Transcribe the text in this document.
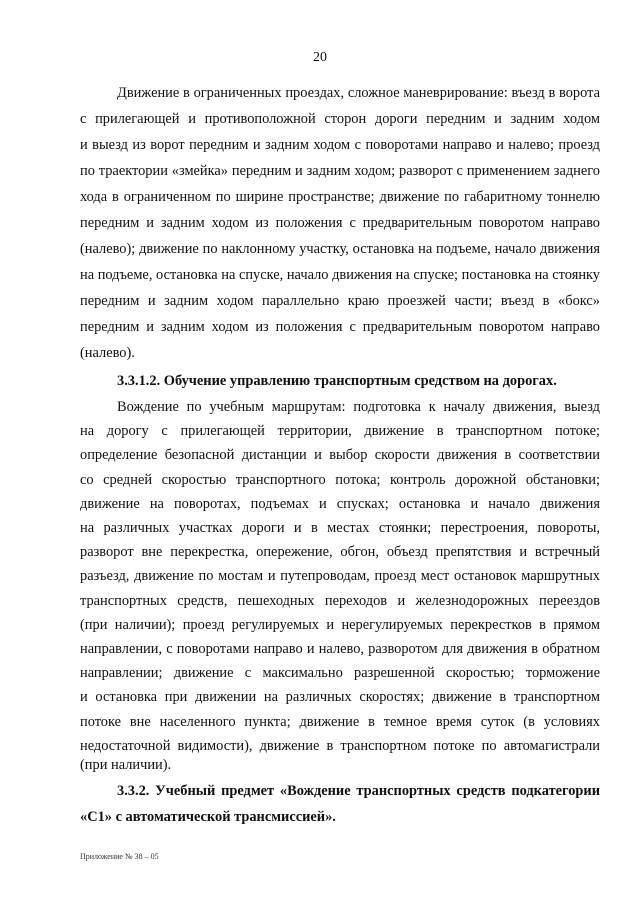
20
Движение в ограниченных проездах, сложное маневрирование: въезд в ворота
с прилегающей и противоположной сторон дороги передним и задним ходом
и выезд из ворот передним и задним ходом с поворотами направо и налево; проезд
по траектории «змейка» передним и задним ходом; разворот с применением заднего
хода в ограниченном по ширине пространстве; движение по габаритному тоннелю
передним и задним ходом из положения с предварительным поворотом направо
(налево); движение по наклонному участку, остановка на подъеме, начало движения
на подъеме, остановка на спуске, начало движения на спуске; постановка на стоянку
передним и задним ходом параллельно краю проезжей части; въезд в «бокс»
передним и задним ходом из положения с предварительным поворотом направо
(налево).
3.3.1.2. Обучение управлению транспортным средством на дорогах.
Вождение по учебным маршрутам: подготовка к началу движения, выезд
на дорогу с прилегающей территории, движение в транспортном потоке;
определение безопасной дистанции и выбор скорости движения в соответствии
со средней скоростью транспортного потока; контроль дорожной обстановки;
движение на поворотах, подъемах и спусках; остановка и начало движения
на различных участках дороги и в местах стоянки; перестроения, повороты,
разворот вне перекрестка, опережение, обгон, объезд препятствия и встречный
разъезд, движение по мостам и путепроводам, проезд мест остановок маршрутных
транспортных средств, пешеходных переходов и железнодорожных переездов
(при наличии); проезд регулируемых и нерегулируемых перекрестков в прямом
направлении, с поворотами направо и налево, разворотом для движения в обратном
направлении; движение с максимально разрешенной скоростью; торможение
и остановка при движении на различных скоростях; движение в транспортном
потоке вне населенного пункта; движение в темное время суток (в условиях
недостаточной видимости), движение в транспортном потоке по автомагистрали
(при наличии).
3.3.2. Учебный предмет «Вождение транспортных средств подкатегории
Приложение № 38 – 05
«C1» с автоматической трансмиссией».
